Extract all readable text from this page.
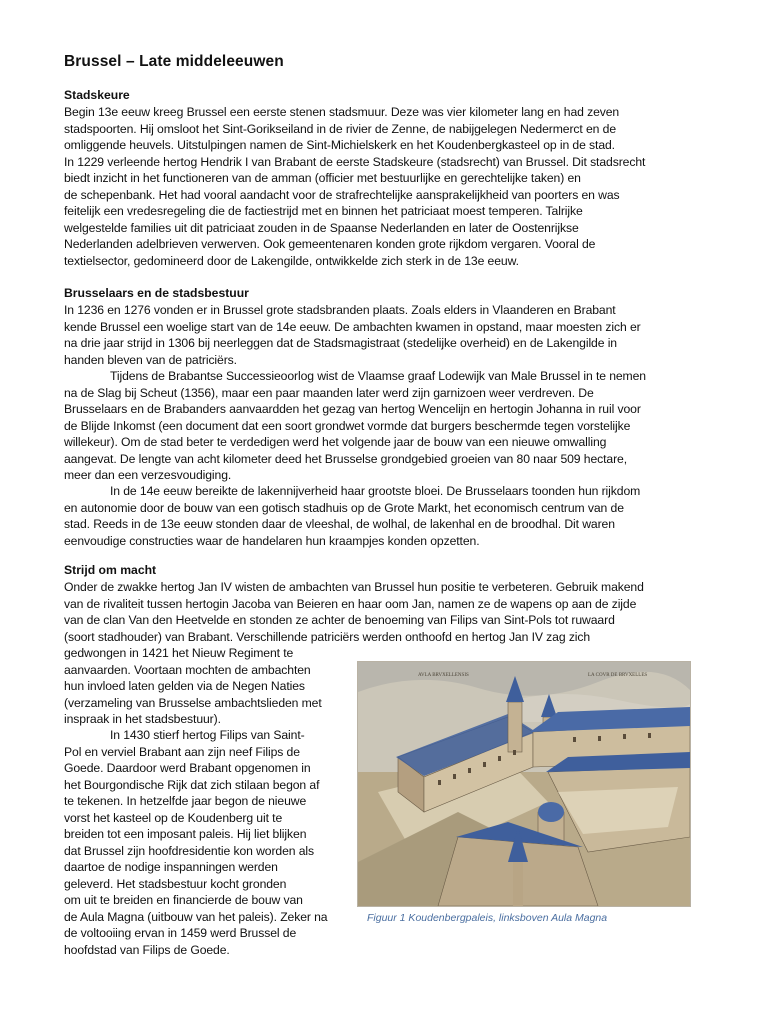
Brussel – Late middeleeuwen
Stadskeure

Begin 13e eeuw kreeg Brussel een eerste stenen stadsmuur. Deze was vier kilometer lang en had zeven
stadspoorten. Hij omsloot het Sint-Gorikseiland in de rivier de Zenne, de nabijgelegen Nedermerct en de
omliggende heuvels. Uitstulpingen namen de Sint-Michielskerk en het Koudenbergkasteel op in de stad.
In 1229 verleende hertog Hendrik I van Brabant de eerste Stadskeure (stadsrecht) van Brussel. Dit stadsrecht
biedt inzicht in het functioneren van de amman (officier met bestuurlijke en gerechtelijke taken) en
de schepenbank. Het had vooral aandacht voor de strafrechtelijke aansprakelijkheid van poorters en was
feitelijk een vredesregeling die de factiestrijd met en binnen het patriciaat moest temperen. Talrijke
welgestelde families uit dit patriciaat zouden in de Spaanse Nederlanden en later de Oostenrijkse
Nederlanden adelbrieven verwerven. Ook gemeentenaren konden grote rijkdom vergaren. Vooral de
textielsector, gedomineerd door de Lakengilde, ontwikkelde zich sterk in de 13e eeuw.

Brusselaars en de stadsbestuur

In 1236 en 1276 vonden er in Brussel grote stadsbranden plaats. Zoals elders in Vlaanderen en Brabant
kende Brussel een woelige start van de 14e eeuw. De ambachten kwamen in opstand, maar moesten zich er
na drie jaar strijd in 1306 bij neerleggen dat de Stadsmagistraat (stedelijke overheid) en de Lakengilde in
handen bleven van de patriciërs.

Tijdens de Brabantse Successieoorlog wist de Vlaamse graaf Lodewijk van Male Brussel in te nemen
na de Slag bij Scheut (1356), maar een paar maanden later werd zijn garnizoen weer verdreven. De
Brusselaars en de Brabanders aanvaardden het gezag van hertog Wencelijn en hertogin Johanna in ruil voor
de Blijde Inkomst (een document dat een soort grondwet vormde dat burgers beschermde tegen vorstelijke
willekeur). Om de stad beter te verdedigen werd het volgende jaar de bouw van een nieuwe omwalling
aangevat. De lengte van acht kilometer deed het Brusselse grondgebied groeien van 80 naar 509 hectare,
meer dan een verzesvoudiging.

In de 14e eeuw bereikte de lakennijverheid haar grootste bloei. De Brusselaars toonden hun rijkdom
en autonomie door de bouw van een gotisch stadhuis op de Grote Markt, het economisch centrum van de
stad. Reeds in de 13e eeuw stonden daar de vleeshal, de wolhal, de lakenhal en de broodhal. Dit waren
eenvoudige constructies waar de handelaren hun kraampjes konden opzetten.

Strijd om macht

Onder de zwakke hertog Jan IV wisten de ambachten van Brussel hun positie te verbeteren. Gebruik makend
van de rivaliteit tussen hertogin Jacoba van Beieren en haar oom Jan, namen ze de wapens op aan de zijde
van de clan Van den Heetvelde en stonden ze achter de benoeming van Filips van Sint-Pols tot ruwaard
(soort stadhouder) van Brabant. Verschillende patriciërs werden onthoofd en hertog Jan IV zag zich

gedwongen in 1421 het Nieuw Regiment te
aanvaarden. Voortaan mochten de ambachten
hun invloed laten gelden via de Negen Naties
(verzameling van Brusselse ambachtslieden met
inspraak in het stadsbestuur).

In 1430 stierf hertog Filips van Saint-
Pol en verviel Brabant aan zijn neef Filips de
Goede. Daardoor werd Brabant opgenomen in
het Bourgondische Rijk dat zich stilaan begon af
te tekenen. In hetzelfde jaar begon de nieuwe
vorst het kasteel op de Koudenberg uit te
breiden tot een imposant paleis. Hij liet blijken
dat Brussel zijn hoofdresidentie kon worden als
daartoe de nodige inspanningen werden
geleverd. Het stadsbestuur kocht gronden
om uit te breiden en financierde de bouw van
de Aula Magna (uitbouw van het paleis). Zeker na
de voltooiing ervan in 1459 werd Brussel de
hoofdstad van Filips de Goede.

AVLA BRVXELLENSIS	LA COVR DE BRVXELLES

Figuur 1 Koudenbergpaleis, linksboven Aula Magna
